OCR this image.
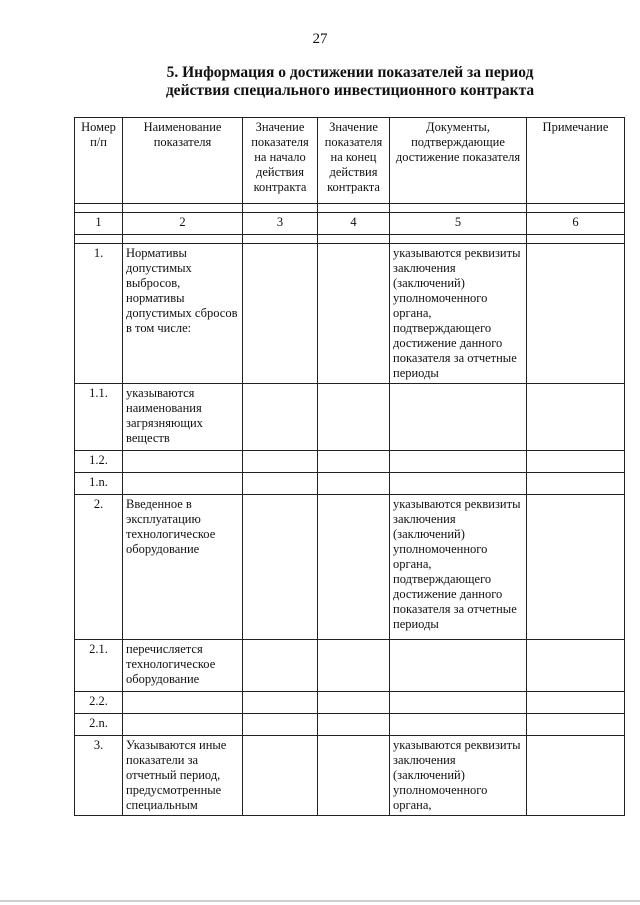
27
5. Информация о достижении показателей за период
действия специального инвестиционного контракта
Номер п/п	Наименование показателя	Значение показателя на начало действия контракта	Значение показателя на конец действия контракта	Документы, подтверждающие достижение показателя	Примечание

1	2	3	4	5	6

1.	Нормативы допустимых выбросов, нормативы допустимых сбросов в том числе:			указываются реквизиты заключения (заключений) уполномоченного органа, подтверждающего достижение данного показателя за отчетные периоды	
1.1.	указываются наименования загрязняющих веществ				
1.2.					
1.n.					
2.	Введенное в эксплуатацию технологическое оборудование			указываются реквизиты заключения (заключений) уполномоченного органа, подтверждающего достижение данного показателя за отчетные периоды	
2.1.	перечисляется технологическое оборудование				
2.2.					
2.n.					
3.	Указываются иные показатели за отчетный период, предусмотренные специальным			указываются реквизиты заключения (заключений) уполномоченного органа,	
